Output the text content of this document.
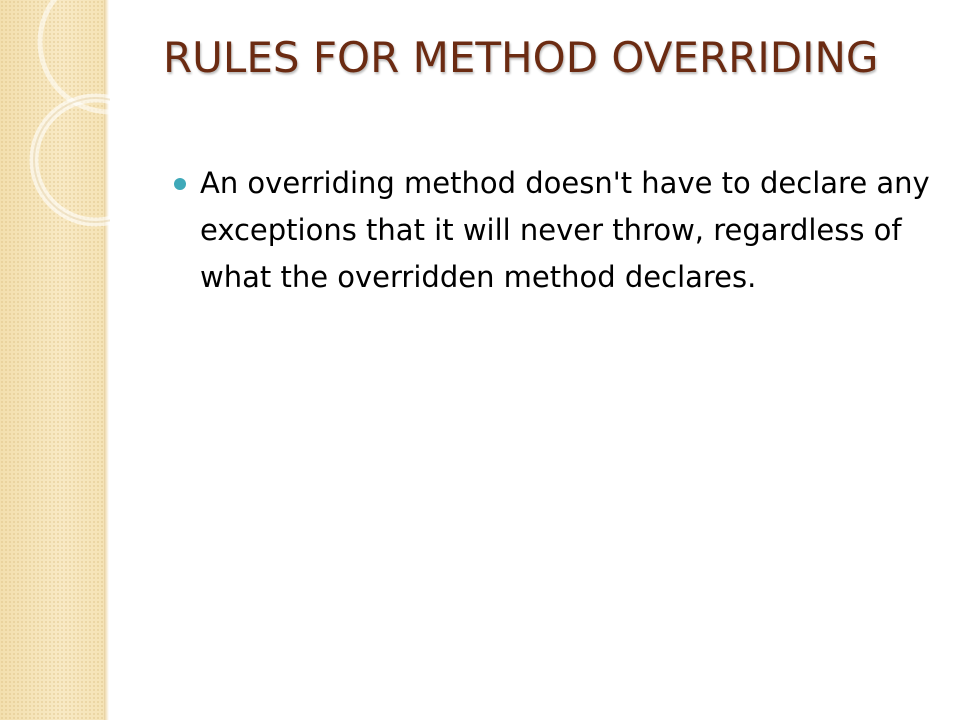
RULES FOR METHOD OVERRIDING
An overriding method doesn't have to declare any exceptions that it will never throw, regardless of what the overridden method declares.
